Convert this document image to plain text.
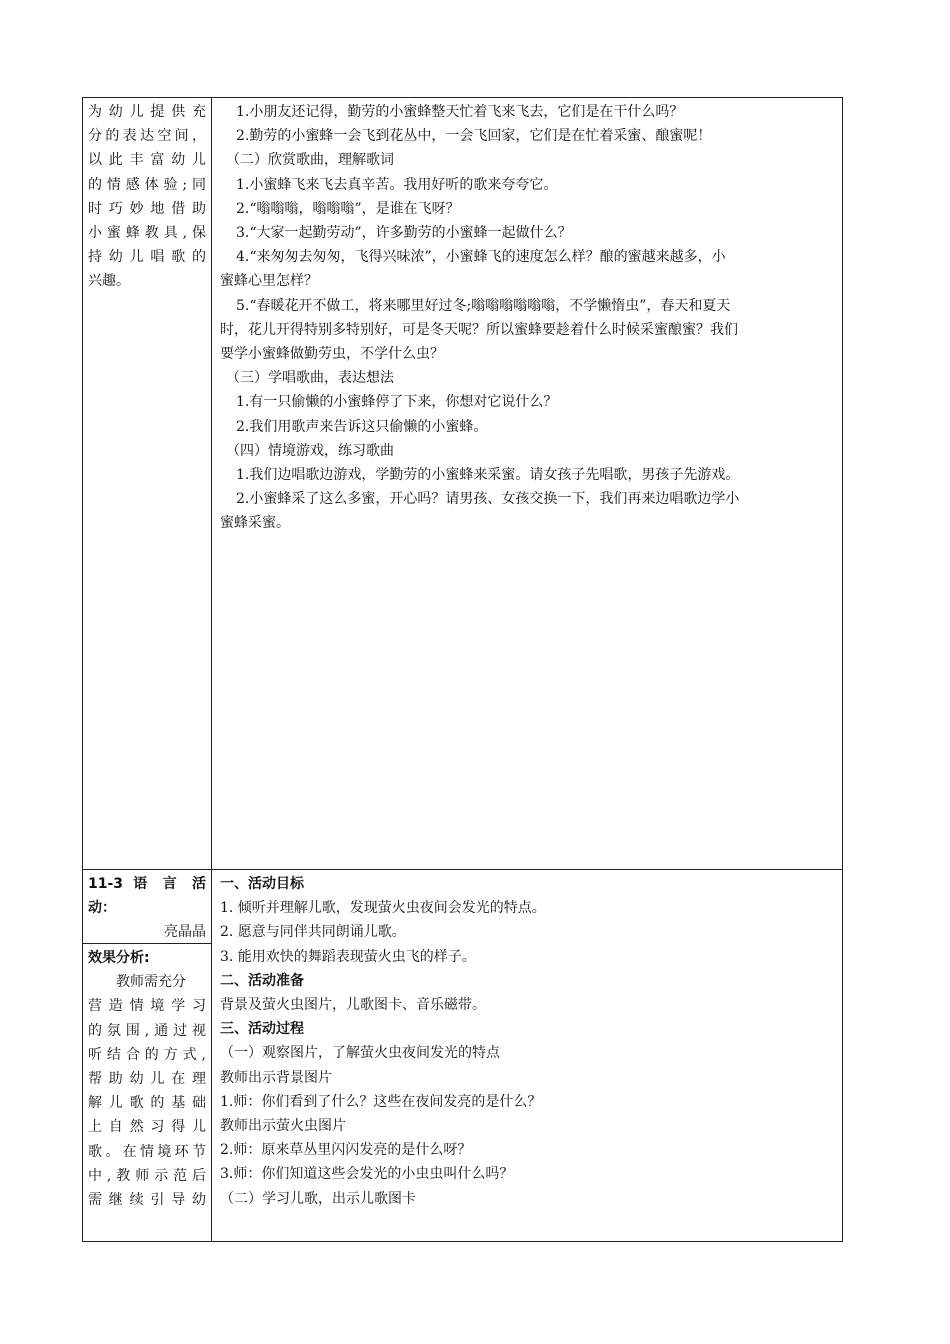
为幼儿提供充
分的表达空间，
以此丰富幼儿
的情感体验;同
时巧妙地借助
小蜜蜂教具,保
持幼儿唱歌的
兴趣。
1.小朋友还记得，勤劳的小蜜蜂整天忙着飞来飞去，它们是在干什么吗？
2.勤劳的小蜜蜂一会飞到花丛中，一会飞回家，它们是在忙着采蜜、酿蜜呢！
（二）欣赏歌曲，理解歌词
1.小蜜蜂飞来飞去真辛苦。我用好听的歌来夸夸它。
2.“嗡嗡嗡，嗡嗡嗡”，是谁在飞呀？
3.“大家一起勤劳动”，许多勤劳的小蜜蜂一起做什么？
4.“来匆匆去匆匆，飞得兴味浓”，小蜜蜂飞的速度怎么样？酿的蜜越来越多，小
蜜蜂心里怎样？
5.“春暖花开不做工，将来哪里好过冬;嗡嗡嗡嗡嗡嗡，不学懒惰虫”，春天和夏天
时，花儿开得特别多特别好，可是冬天呢？所以蜜蜂要趁着什么时候采蜜酿蜜？我们
要学小蜜蜂做勤劳虫，不学什么虫？
（三）学唱歌曲，表达想法
1.有一只偷懒的小蜜蜂停了下来，你想对它说什么？
2.我们用歌声来告诉这只偷懒的小蜜蜂。
（四）情境游戏，练习歌曲
1.我们边唱歌边游戏，学勤劳的小蜜蜂来采蜜。请女孩子先唱歌，男孩子先游戏。
2.小蜜蜂采了这么多蜜，开心吗？请男孩、女孩交换一下，我们再来边唱歌边学小
蜜蜂采蜜。
11-3 语 言 活
动：
亮晶晶
效果分析:
教师需充分
营造情境学习
的氛围,通过视
听结合的方式,
帮助幼儿在理
解儿歌的基础
上自然习得儿
歌。在情境环节
中,教师示范后
需继续引导幼
一、活动目标
1. 倾听并理解儿歌，发现萤火虫夜间会发光的特点。
2. 愿意与同伴共同朗诵儿歌。
3. 能用欢快的舞蹈表现萤火虫飞的样子。
二、活动准备
背景及萤火虫图片，儿歌图卡、音乐磁带。
三、活动过程
（一）观察图片，了解萤火虫夜间发光的特点
教师出示背景图片
1.师：你们看到了什么？这些在夜间发亮的是什么？
教师出示萤火虫图片
2.师：原来草丛里闪闪发亮的是什么呀？
3.师：你们知道这些会发光的小虫虫叫什么吗？
（二）学习儿歌，出示儿歌图卡
